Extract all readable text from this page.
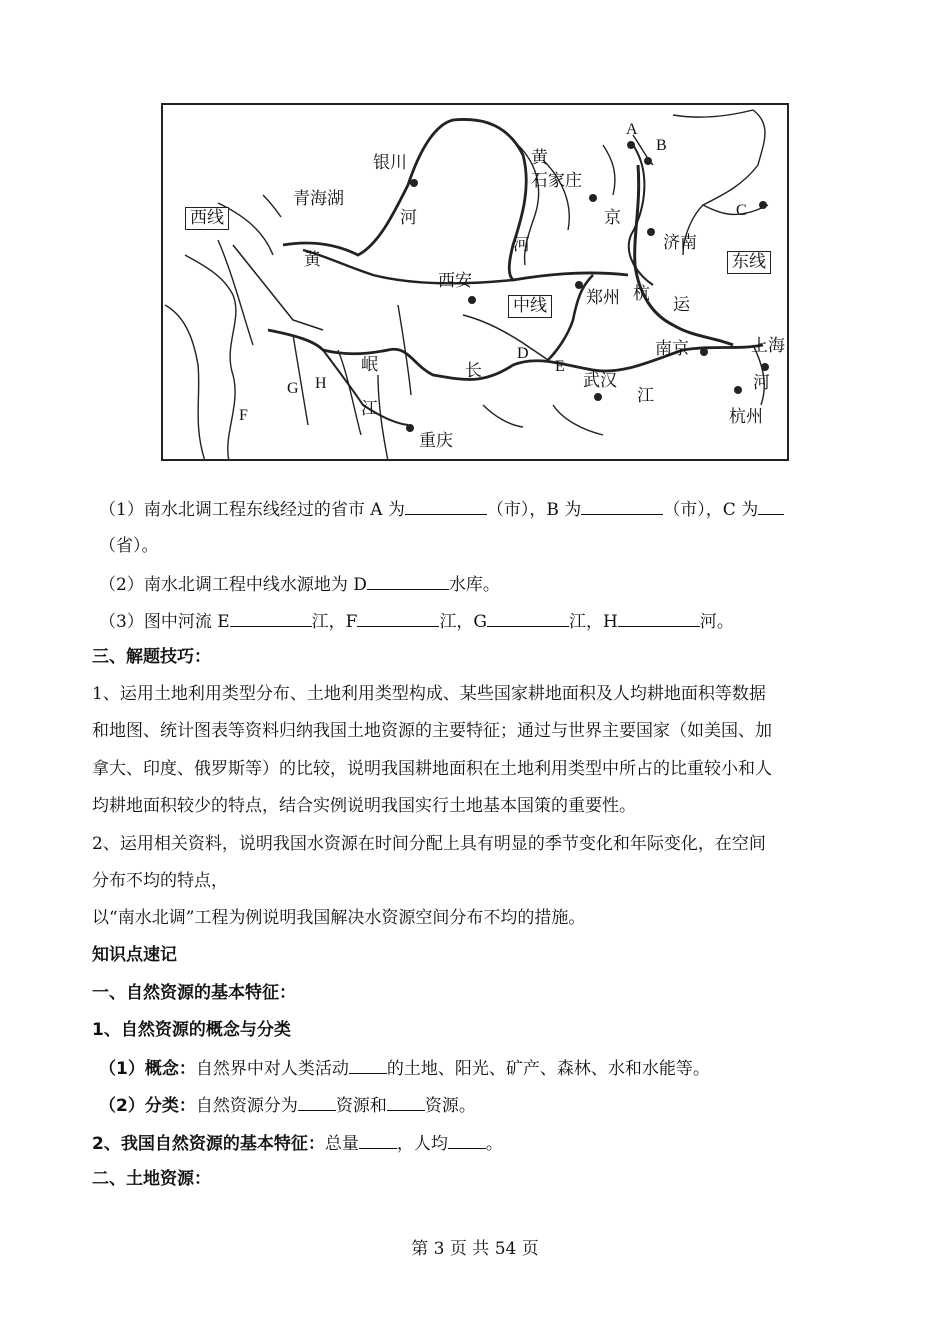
西线
中线
东线
银川
石家庄
济南
西安
郑州
南京	上海
武汉
重庆
杭州
青海湖
河
黄
黄
河
京
杭
运
河
岷
江
长
江
A
B
C
D
E
F
G H
（1）南水北调工程东线经过的省市 A 为	（市），B 为	（市），C 为
（省）。
（2）南水北调工程中线水源地为 D	水库。
（3）图中河流 E	江，F	江，G	江，H	河。
三、解题技巧：
1、运用土地利用类型分布、土地利用类型构成、某些国家耕地面积及人均耕地面积等数据
和地图、统计图表等资料归纳我国土地资源的主要特征；通过与世界主要国家（如美国、加
拿大、印度、俄罗斯等）的比较，说明我国耕地面积在土地利用类型中所占的比重较小和人
均耕地面积较少的特点，结合实例说明我国实行土地基本国策的重要性。
2、运用相关资料，说明我国水资源在时间分配上具有明显的季节变化和年际变化，在空间
分布不均的特点，
以“南水北调”工程为例说明我国解决水资源空间分布不均的措施。
知识点速记
一、自然资源的基本特征：
1、自然资源的概念与分类
（1）概念：自然界中对人类活动 的土地、阳光、矿产、森林、水和水能等。
（2）分类：自然资源分为 资源和 资源。
2、我国自然资源的基本特征：总量 ，人均 。
二、土地资源：
第 3 页 共 54 页
